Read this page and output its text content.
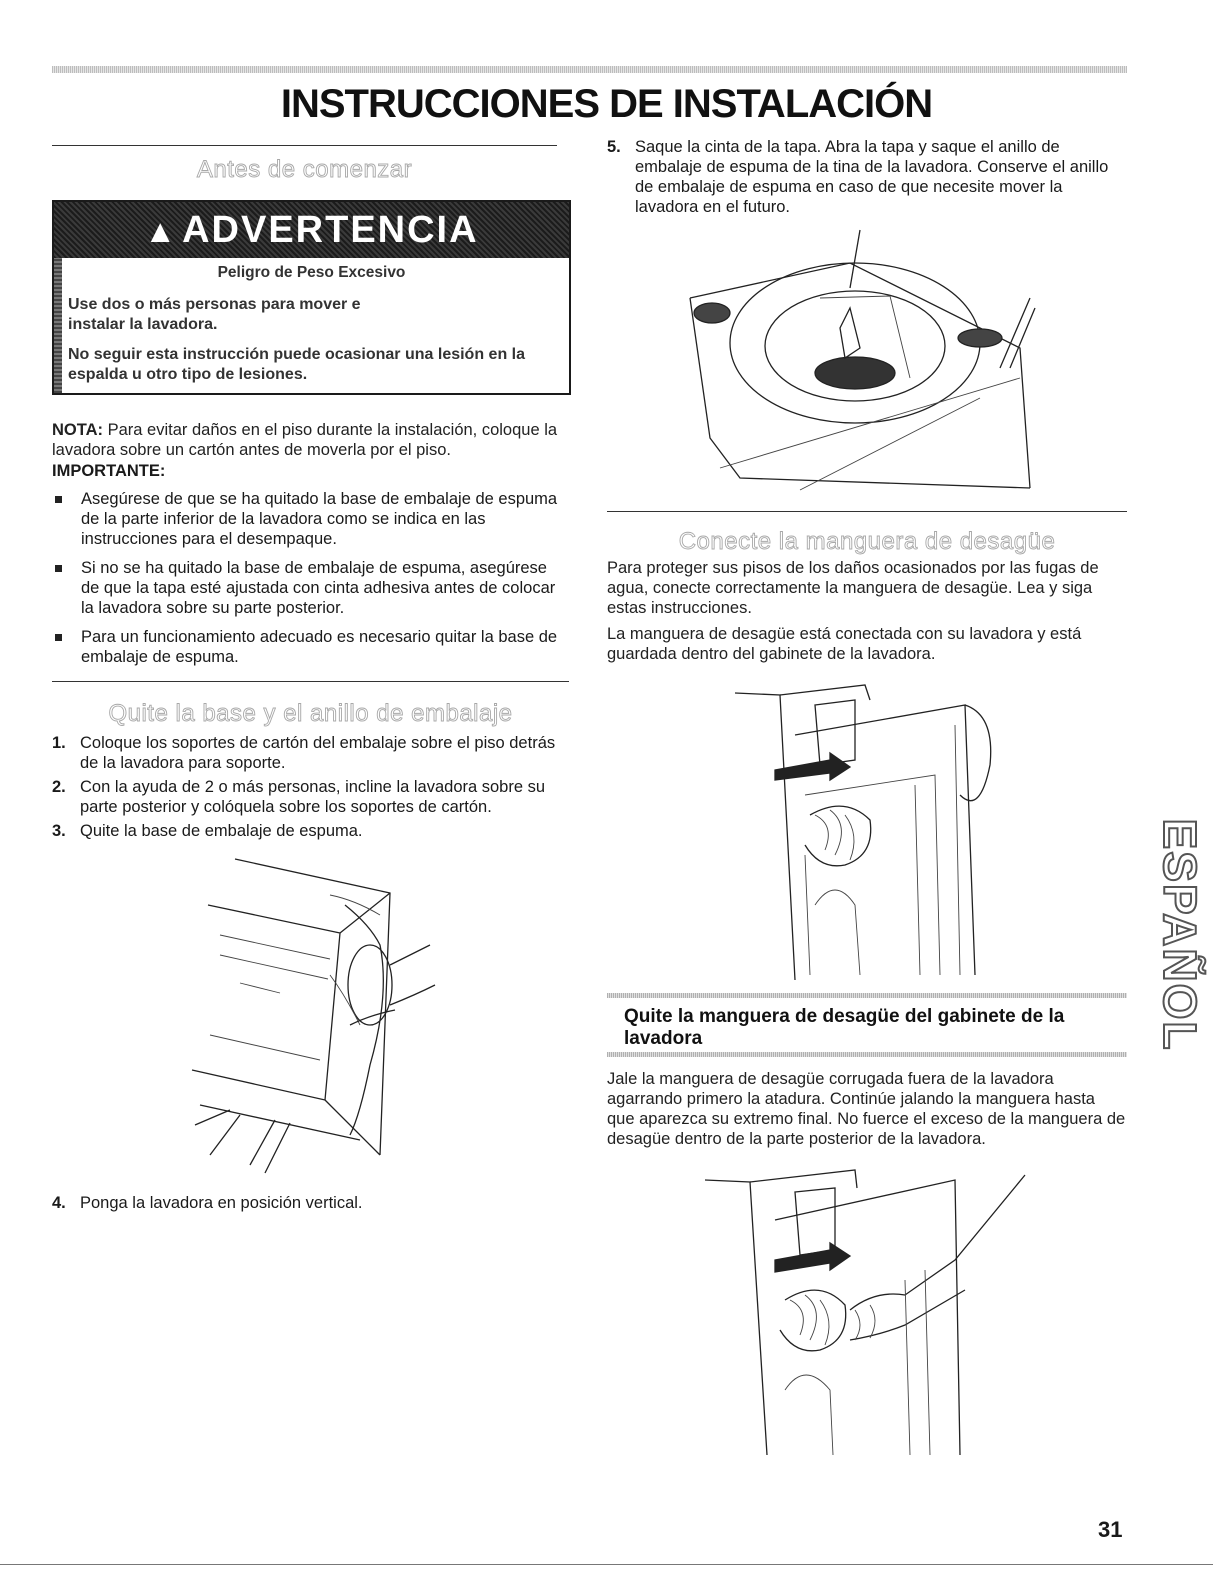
INSTRUCCIONES DE INSTALACIÓN
Antes de comenzar
▲ ADVERTENCIA
Peligro de Peso Excesivo
Use dos o más personas para mover e instalar la lavadora.
No seguir esta instrucción puede ocasionar una lesión en la espalda u otro tipo de lesiones.

NOTA: Para evitar daños en el piso durante la instalación, coloque la lavadora sobre un cartón antes de moverla por el piso.

IMPORTANTE:
Asegúrese de que se ha quitado la base de embalaje de espuma de la parte inferior de la lavadora como se indica en las instrucciones para el desempaque.
Si no se ha quitado la base de embalaje de espuma, asegúrese de que la tapa esté ajustada con cinta adhesiva antes de colocar la lavadora sobre su parte posterior.
Para un funcionamiento adecuado es necesario quitar la base de embalaje de espuma.
Quite la base y el anillo de embalaje
1. Coloque los soportes de cartón del embalaje sobre el piso detrás de la lavadora para soporte.
2. Con la ayuda de 2 o más personas, incline la lavadora sobre su parte posterior y colóquela sobre los soportes de cartón.
3. Quite la base de embalaje de espuma.
4. Ponga la lavadora en posición vertical.
5. Saque la cinta de la tapa. Abra la tapa y saque el anillo de embalaje de espuma de la tina de la lavadora. Conserve el anillo de embalaje de espuma en caso de que necesite mover la lavadora en el futuro.
Conecte la manguera de desagüe

Para proteger sus pisos de los daños ocasionados por las fugas de agua, conecte correctamente la manguera de desagüe. Lea y siga estas instrucciones.

La manguera de desagüe está conectada con su lavadora y está guardada dentro del gabinete de la lavadora.

Quite la manguera de desagüe del gabinete de la lavadora

Jale la manguera de desagüe corrugada fuera de la lavadora agarrando primero la atadura. Continúe jalando la manguera hasta que aparezca su extremo final. No fuerce el exceso de la manguera de desagüe dentro de la parte posterior de la lavadora.

ESPAÑOL
31
